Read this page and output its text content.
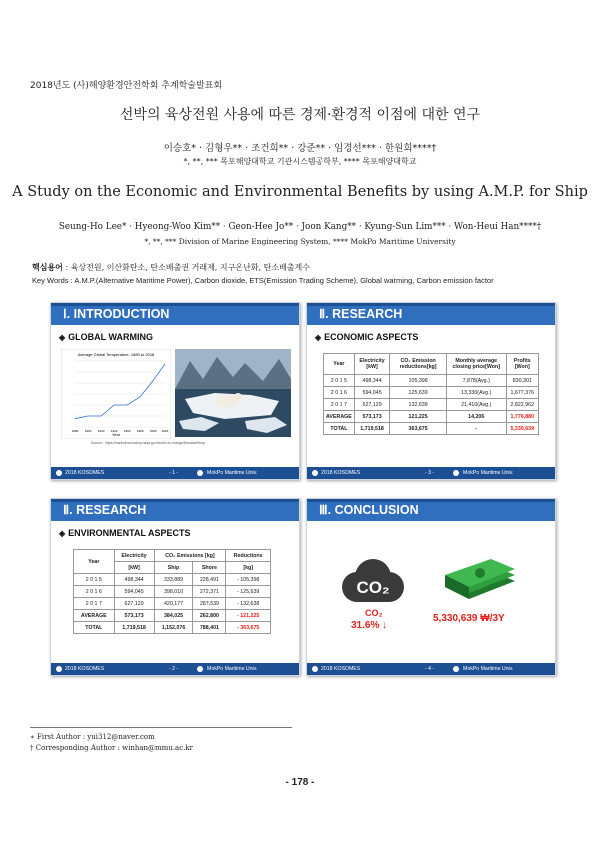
2018년도 (사)해양환경안전학회 추계학술발표회
선박의 육상전원 사용에 따른 경제·환경적 이점에 대한 연구
이승호* · 김형우** · 조건희** · 강준** · 임경선*** · 한원희****†
*, **, *** 목포해양대학교 기관시스템공학부, **** 목포해양대학교
A Study on the Economic and Environmental Benefits by using A.M.P. for Ship
Seung-Ho Lee* · Hyeong-Woo Kim** · Geon-Hee Jo** · Joon Kang** · Kyung-Sun Lim*** · Won-Heui Han****†
*, **, *** Division of Marine Engineering System, **** MokPo Maritime University
핵심용어 : 육상전원, 이산화탄소, 탄소배출권 거래제, 지구온난화, 탄소배출계수
Key Words : A.M.P.(Alternative Maritime Power), Carbon dioxide, ETS(Emission Trading Scheme), Global warming, Carbon emission factor
Ⅰ. INTRODUCTION
◈ GLOBAL WARMING
Average Global Temperature, 1880 to 2018
1880 1900 1920 1940 1960 1980 2000 2018
Year
Source : https://earthobservatory.nasa.gov/world-of-change/DecadalTemp
2018 KOSOMES	- 1 -	MokPo Maritime Univ.
Ⅱ. RESEARCH
◈ ECONOMIC ASPECTS
Year	Electricity [kW]	CO₂ Emission reductions[kg]	Monthly average closing price[Won]	Profits [Won]
2 0 1 5	498,344	105,398	7,878(Avg.)	830,301
2 0 1 6	594,045	125,639	13,330(Avg.)	1,677,376
2 0 1 7	627,129	132,638	21,410(Avg.)	2,822,962
AVERAGE	573,173	121,225	14,206	1,776,880
TOTAL	1,719,518	363,675	-	5,330,639
2018 KOSOMES	- 3 -	MokPo Maritime Univ.
Ⅱ. RESEARCH
◈ ENVIRONMENTAL ASPECTS
Year	Electricity	CO₂ Emissions [kg]		Reductions
	[kW]	Ship	Shore	[kg]
2 0 1 5	498,344	333,889	228,491	- 105,398
2 0 1 6	594,045	398,010	272,371	- 125,639
2 0 1 7	627,129	420,177	287,539	- 132,638
AVERAGE	573,173	384,025	262,800	- 121,225
TOTAL	1,719,518	1,152,076	788,401	- 363,675
2018 KOSOMES	- 2 -	MokPo Maritime Univ.
Ⅲ. CONCLUSION
CO₂
CO₂
31.6% ↓
5,330,639 ₩/3Y
2018 KOSOMES	- 4 -	MokPo Maritime Univ.
∗ First Author : yui312@naver.com
† Corresponding Author : winhan@mmu.ac.kr
- 178 -
